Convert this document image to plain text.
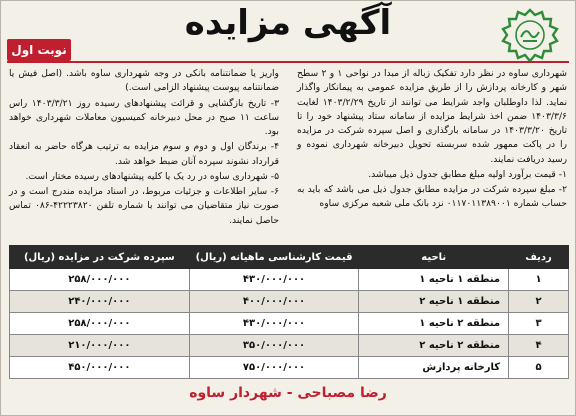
آگهی مزایده
نوبت اول

شهرداری ساوه در نظر دارد تفکیک زباله از مبدا در نواحی ۱ و ۲ سطح شهر و کارخانه پردازش را از طریق مزایده عمومی به پیمانکار واگذار نماید. لذا داوطلبان واجد شرایط می توانند از تاریخ ۱۴۰۳/۲/۲۹ لغایت ۱۴۰۳/۳/۶ ضمن اخذ شرایط مزایده از سامانه ستاد پیشنهاد خود را تا تاریخ ۱۴۰۳/۳/۲۰ در سامانه بارگذاری و اصل سپرده شرکت در مزایده را در پاکت ممهور شده سربسته تحویل دبیرخانه شهرداری نموده و رسید دریافت نمایند.

۱- قیمت برآورد اولیه مبلغ مطابق جدول ذیل میباشد.

۲- مبلغ سپرده شرکت در مزایده مطابق جدول ذیل می باشد که باید به حساب شماره ۰۱۱۷۰۱۱۳۸۹۰۰۱ نزد بانک ملی شعبه مرکزی ساوه

واریز یا ضمانتنامه بانکی در وجه شهرداری ساوه باشد. (اصل فیش یا ضمانتنامه پیوست پیشنهاد الزامی است.)

۳- تاریخ بازگشایی و قرائت پیشنهادهای رسیده روز ۱۴۰۳/۳/۲۱ راس ساعت ۱۱ صبح در محل دبیرخانه کمیسیون معاملات شهرداری خواهد بود.

۴- برندگان اول و دوم و سوم مزایده به ترتیب هرگاه حاضر به انعقاد قرارداد نشوند سپرده آنان ضبط خواهد شد.

۵- شهرداری ساوه در رد یک یا کلیه پیشنهادهای رسیده مختار است.

۶- سایر اطلاعات و جزئیات مربوط، در اسناد مزایده مندرج است و در صورت نیاز متقاضیان می توانند با شماره تلفن ۴۲۲۲۳۸۲۰-۰۸۶ تماس حاصل نمایند.

ردیف	ناحیه	قیمت کارشناسی ماهیانه (ریال)	سپرده شرکت در مزایده (ریال)
۱	منطقه ۱ ناحیه ۱	۴۳۰/۰۰۰/۰۰۰	۲۵۸/۰۰۰/۰۰۰
۲	منطقه ۱ ناحیه ۲	۴۰۰/۰۰۰/۰۰۰	۲۴۰/۰۰۰/۰۰۰
۳	منطقه ۲ ناحیه ۱	۴۳۰/۰۰۰/۰۰۰	۲۵۸/۰۰۰/۰۰۰
۴	منطقه ۲ ناحیه ۲	۳۵۰/۰۰۰/۰۰۰	۲۱۰/۰۰۰/۰۰۰
۵	کارخانه پردازش	۷۵۰/۰۰۰/۰۰۰	۴۵۰/۰۰۰/۰۰۰
رضا مصباحی - شهردار ساوه
